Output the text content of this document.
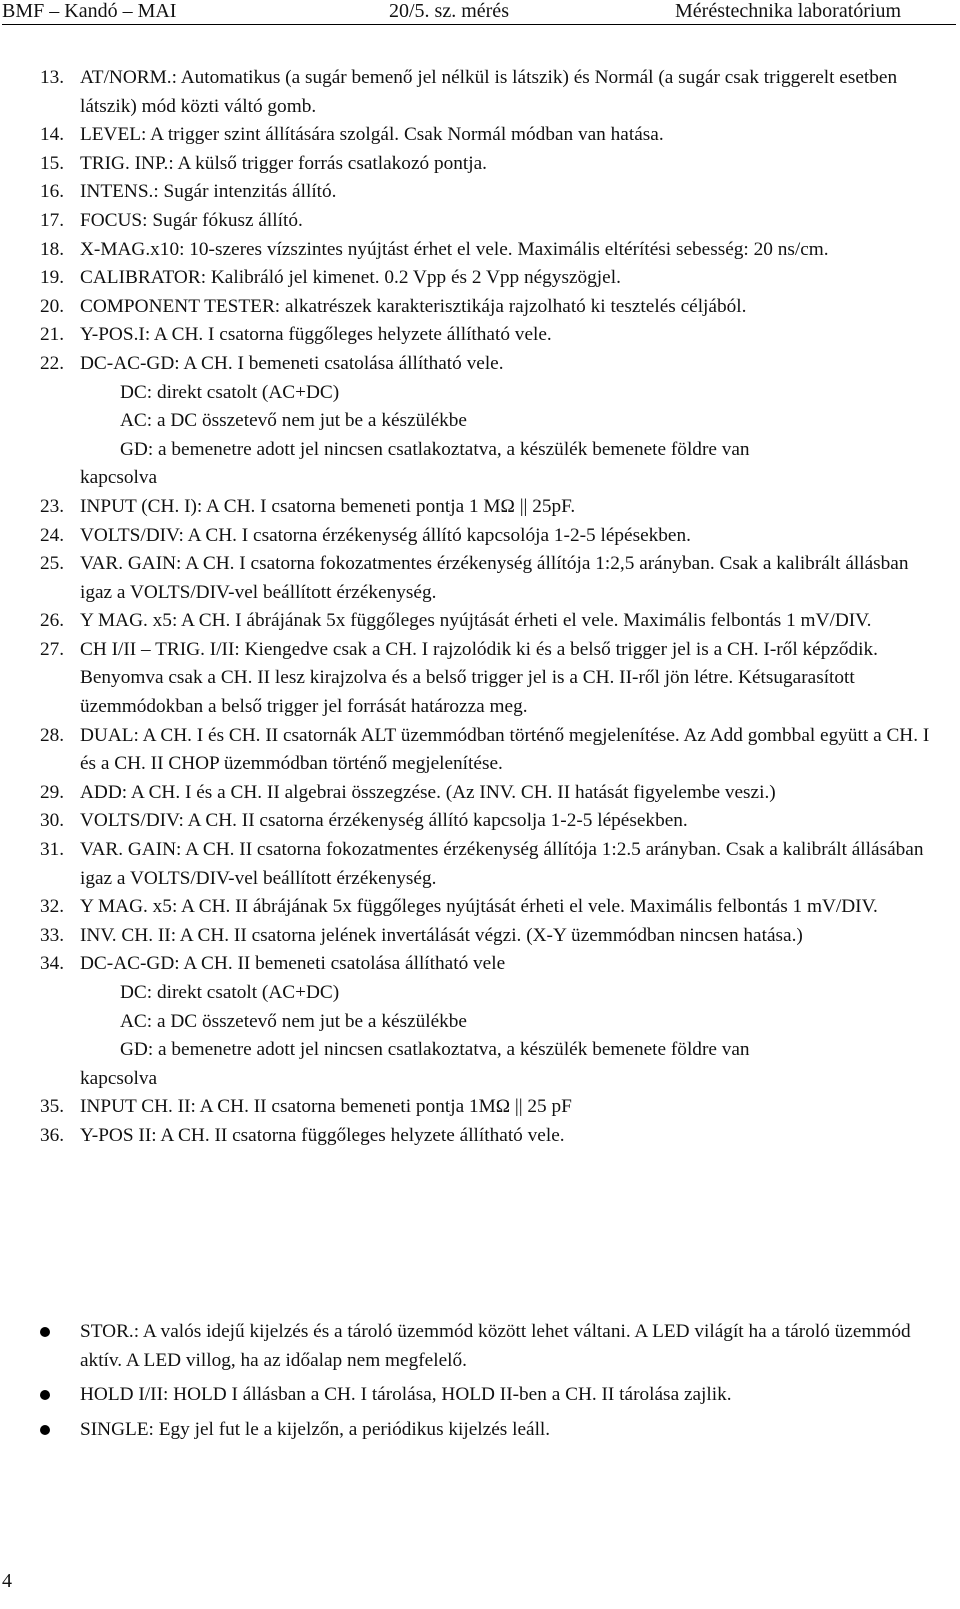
BMF – Kandó – MAI	20/5. sz. mérés	Méréstechnika laboratórium

13. AT/NORM.: Automatikus (a sugár bemenő jel nélkül is látszik) és Normál (a sugár csak triggerelt esetben látszik) mód közti váltó gomb.

14. LEVEL: A trigger szint állítására szolgál. Csak Normál módban van hatása.

15. TRIG. INP.: A külső trigger forrás csatlakozó pontja.

16. INTENS.: Sugár intenzitás állító.

17. FOCUS: Sugár fókusz állító.

18. X-MAG.x10: 10-szeres vízszintes nyújtást érhet el vele. Maximális eltérítési sebesség: 20 ns/cm.

19. CALIBRATOR: Kalibráló jel kimenet. 0.2 Vpp és 2 Vpp négyszögjel.

20. COMPONENT TESTER: alkatrészek karakterisztikája rajzolható ki tesztelés céljából.

21. Y-POS.I: A CH. I csatorna függőleges helyzete állítható vele.

22. DC-AC-GD: A CH. I bemeneti csatolása állítható vele.

DC: direkt csatolt (AC+DC)

AC: a DC összetevő nem jut be a készülékbe

GD: a bemenetre adott jel nincsen csatlakoztatva, a készülék bemenete földre van

kapcsolva

23. INPUT (CH. I): A CH. I csatorna bemeneti pontja 1 MΩ || 25pF.

24. VOLTS/DIV: A CH. I csatorna érzékenység állító kapcsolója 1-2-5 lépésekben.

25. VAR. GAIN: A CH. I csatorna fokozatmentes érzékenység állítója 1:2,5 arányban. Csak a kalibrált állásban igaz a VOLTS/DIV-vel beállított érzékenység.

26. Y MAG. x5: A CH. I ábrájának 5x függőleges nyújtását érheti el vele. Maximális felbontás 1 mV/DIV.

27. CH I/II – TRIG. I/II: Kiengedve csak a CH. I rajzolódik ki és a belső trigger jel is a CH. I-ről képződik. Benyomva csak a CH. II lesz kirajzolva és a belső trigger jel is a CH. II-ről jön létre. Kétsugarasított üzemmódokban a belső trigger jel forrását határozza meg.

28. DUAL: A CH. I és CH. II csatornák ALT üzemmódban történő megjelenítése. Az Add gombbal együtt a CH. I és a CH. II CHOP üzemmódban történő megjelenítése.

29. ADD: A CH. I és a CH. II algebrai összegzése. (Az INV. CH. II hatását figyelembe veszi.)

30. VOLTS/DIV: A CH. II csatorna érzékenység állító kapcsolja 1-2-5 lépésekben.

31. VAR. GAIN: A CH. II csatorna fokozatmentes érzékenység állítója 1:2.5 arányban. Csak a kalibrált állásában igaz a VOLTS/DIV-vel beállított érzékenység.

32. Y MAG. x5: A CH. II ábrájának 5x függőleges nyújtását érheti el vele. Maximális felbontás 1 mV/DIV.

33. INV. CH. II: A CH. II csatorna jelének invertálását végzi. (X-Y üzemmódban nincsen hatása.)

34. DC-AC-GD: A CH. II bemeneti csatolása állítható vele

DC: direkt csatolt (AC+DC)

AC: a DC összetevő nem jut be a készülékbe

GD: a bemenetre adott jel nincsen csatlakoztatva, a készülék bemenete földre van

kapcsolva

35. INPUT CH. II: A CH. II csatorna bemeneti pontja 1MΩ || 25 pF

36. Y-POS II: A CH. II csatorna függőleges helyzete állítható vele.

STOR.: A valós idejű kijelzés és a tároló üzemmód között lehet váltani. A LED világít ha a tároló üzemmód aktív. A LED villog, ha az időalap nem megfelelő.

HOLD I/II: HOLD I állásban a CH. I tárolása, HOLD II-ben a CH. II tárolása zajlik.

SINGLE: Egy jel fut le a kijelzőn, a periódikus kijelzés leáll.

4
